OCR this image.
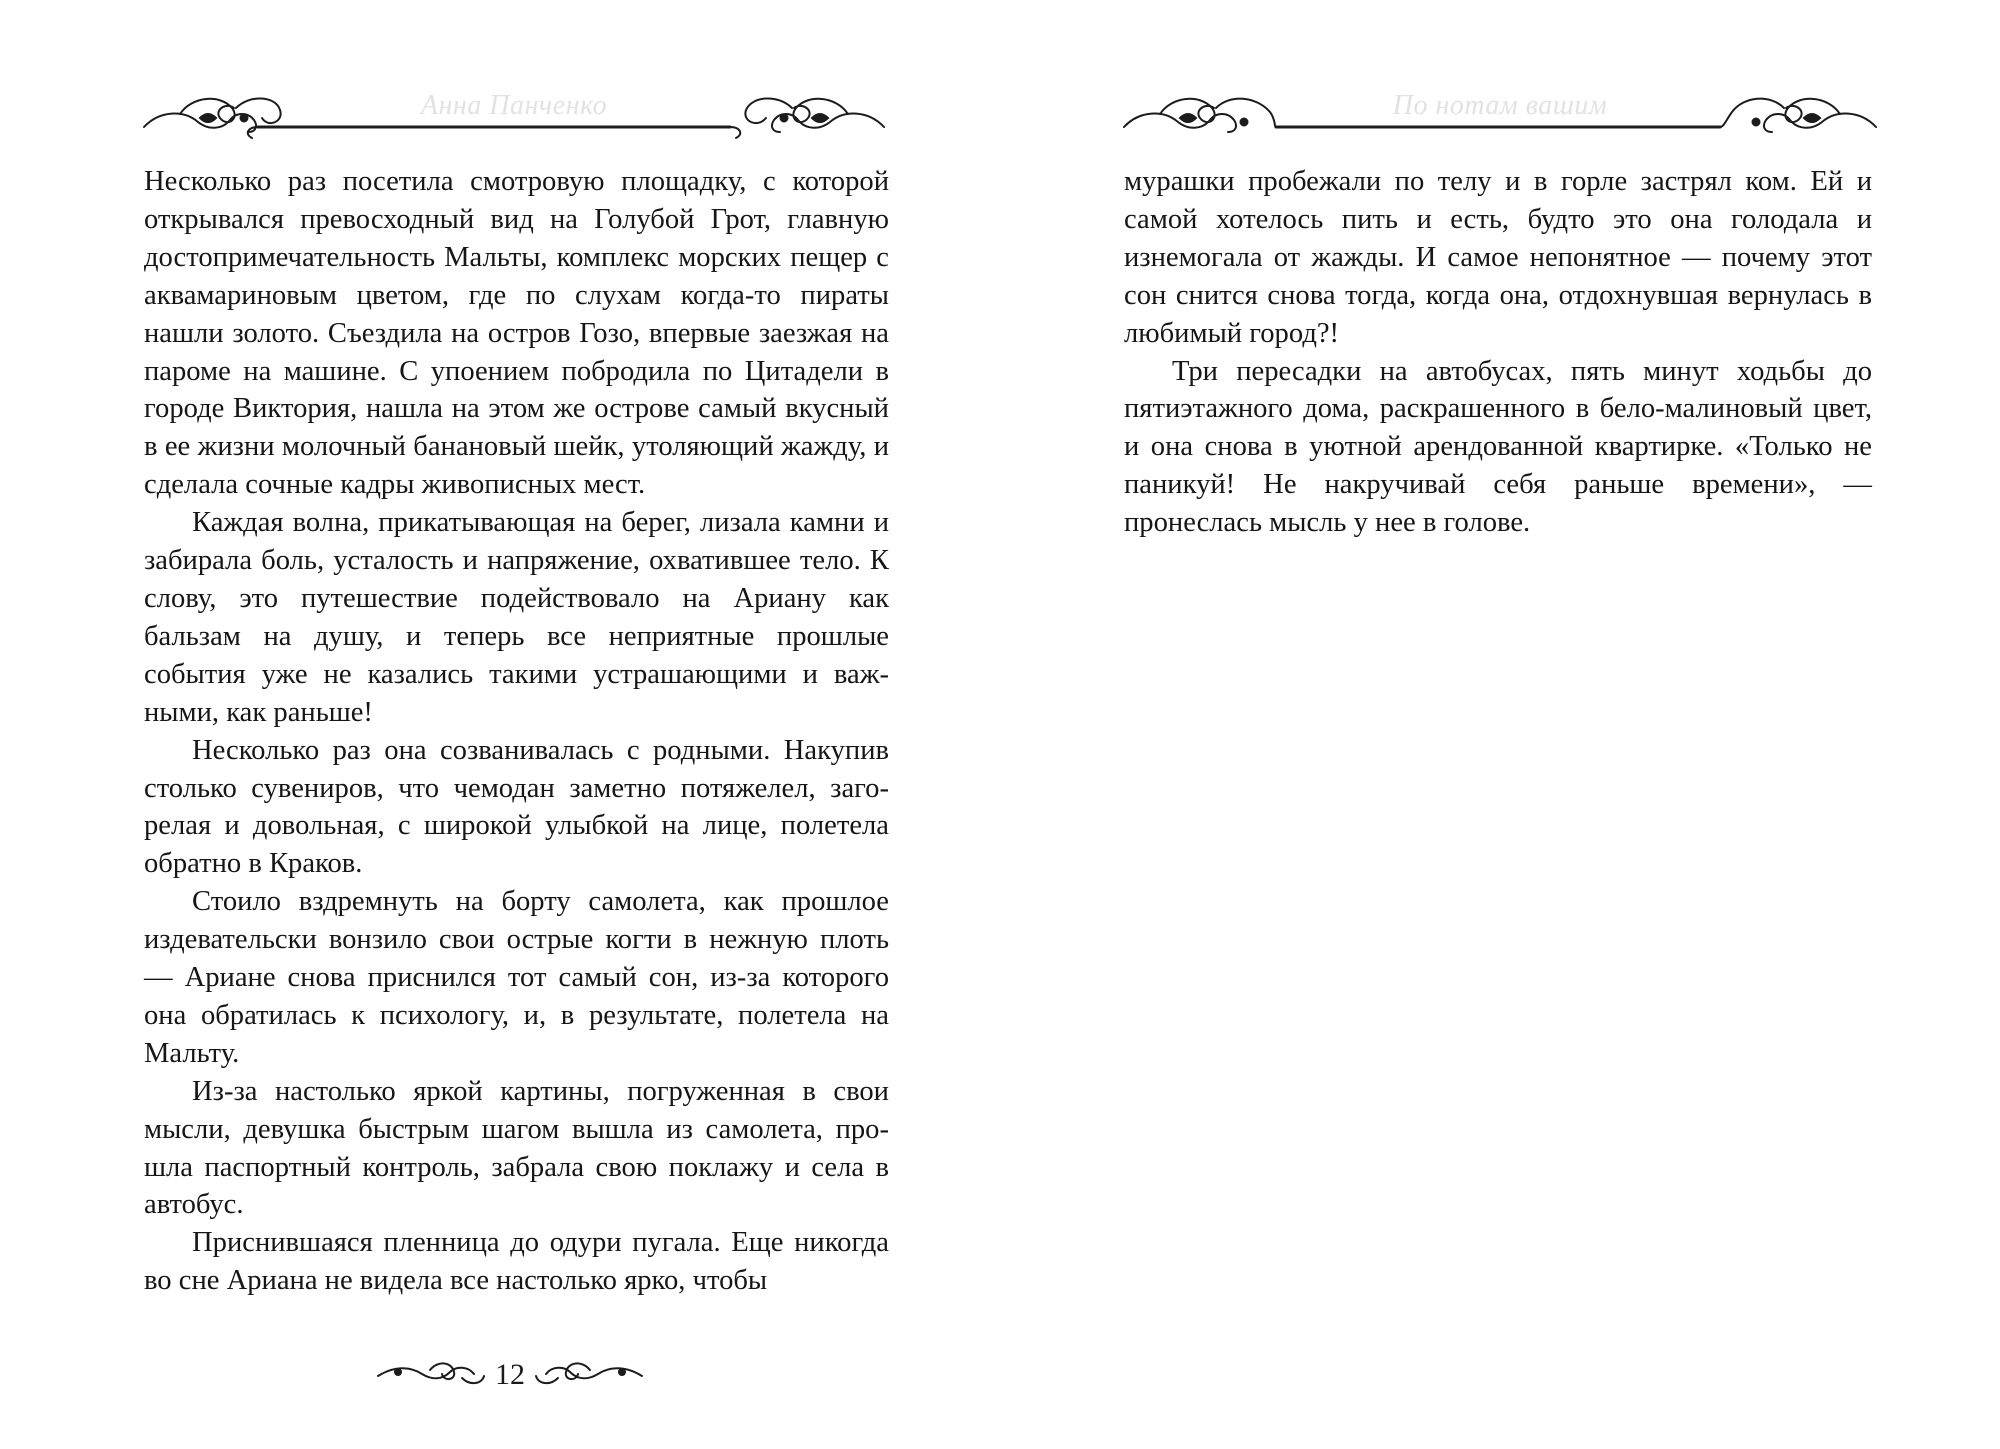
Анна Панченко

Несколько раз посетила смотровую площадку, с которой открывался превосходный вид на Голубой Грот, главную достопримечательность Мальты, комплекс морских пещер с аквамариновым цветом, где по слухам когда-то пираты нашли золото. Съездила на остров Гозо, впервые заезжая на пароме на машине. С упоением побродила по Цитадели в городе Виктория, нашла на этом же острове самый вкусный в ее жизни молочный банановый шейк, утоляющий жажду, и сделала сочные кадры живописных мест.

Каждая волна, прикатывающая на берег, лизала камни и забирала боль, усталость и напряжение, охватившее тело. К слову, это путешествие подействовало на Ариану как бальзам на душу, и теперь все неприятные прошлые события уже не казались такими устрашающими и важными, как раньше!

Несколько раз она созванивалась с родными. Накупив столько сувениров, что чемодан заметно потяжелел, загорелая и довольная, с широкой улыбкой на лице, полетела обратно в Краков.

Стоило вздремнуть на борту самолета, как прошлое издевательски вонзило свои острые когти в нежную плоть — Ариане снова приснился тот самый сон, из-за которого она обратилась к психологу, и, в результате, полетела на Мальту.

Из-за настолько яркой картины, погруженная в свои мысли, девушка быстрым шагом вышла из самолета, прошла паспортный контроль, забрала свою поклажу и села в автобус.

Приснившаяся пленница до одури пугала. Еще никогда во сне Ариана не видела все настолько ярко, чтобы

12
По нотам вашим

мурашки пробежали по телу и в горле застрял ком. Ей и самой хотелось пить и есть, будто это она голодала и изнемогала от жажды. И самое непонятное — почему этот сон снится снова тогда, когда она, отдохнувшая вернулась в любимый город?!

Три пересадки на автобусах, пять минут ходьбы до пятиэтажного дома, раскрашенного в бело-малиновый цвет, и она снова в уютной арендованной квартирке. «Только не паникуй! Не накручивай себя раньше времени», — пронеслась мысль у нее в голове.
